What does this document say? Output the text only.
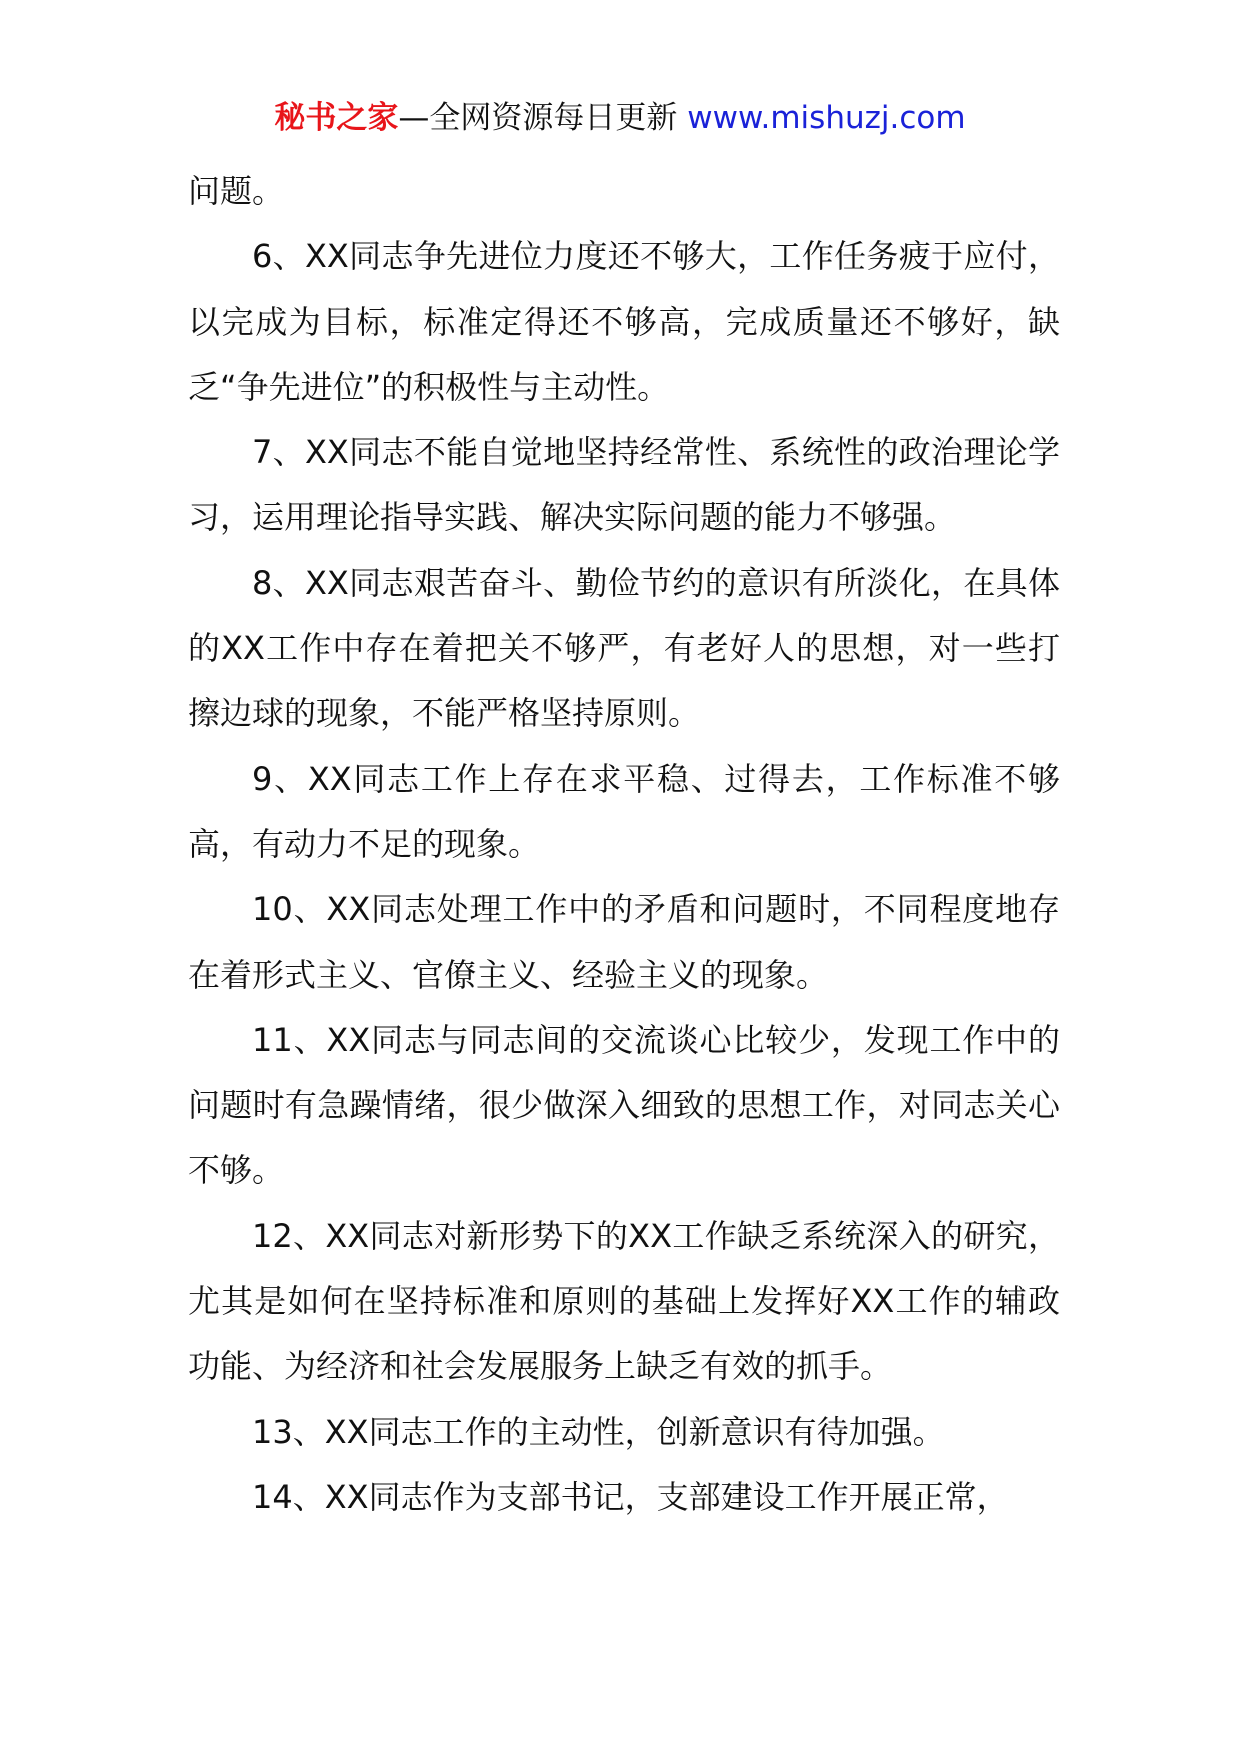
秘书之家—全网资源每日更新 www.mishuzj.com

问题。

6、XX同志争先进位力度还不够大，工作任务疲于应付，以完成为目标，标准定得还不够高，完成质量还不够好，缺乏“争先进位”的积极性与主动性。

7、XX同志不能自觉地坚持经常性、系统性的政治理论学习，运用理论指导实践、解决实际问题的能力不够强。

8、XX同志艰苦奋斗、勤俭节约的意识有所淡化，在具体的XX工作中存在着把关不够严，有老好人的思想，对一些打擦边球的现象，不能严格坚持原则。

9、XX同志工作上存在求平稳、过得去，工作标准不够高，有动力不足的现象。

10、XX同志处理工作中的矛盾和问题时，不同程度地存在着形式主义、官僚主义、经验主义的现象。

11、XX同志与同志间的交流谈心比较少，发现工作中的问题时有急躁情绪，很少做深入细致的思想工作，对同志关心不够。

12、XX同志对新形势下的XX工作缺乏系统深入的研究，尤其是如何在坚持标准和原则的基础上发挥好XX工作的辅政功能、为经济和社会发展服务上缺乏有效的抓手。

13、XX同志工作的主动性，创新意识有待加强。

14、XX同志作为支部书记，支部建设工作开展正常，
